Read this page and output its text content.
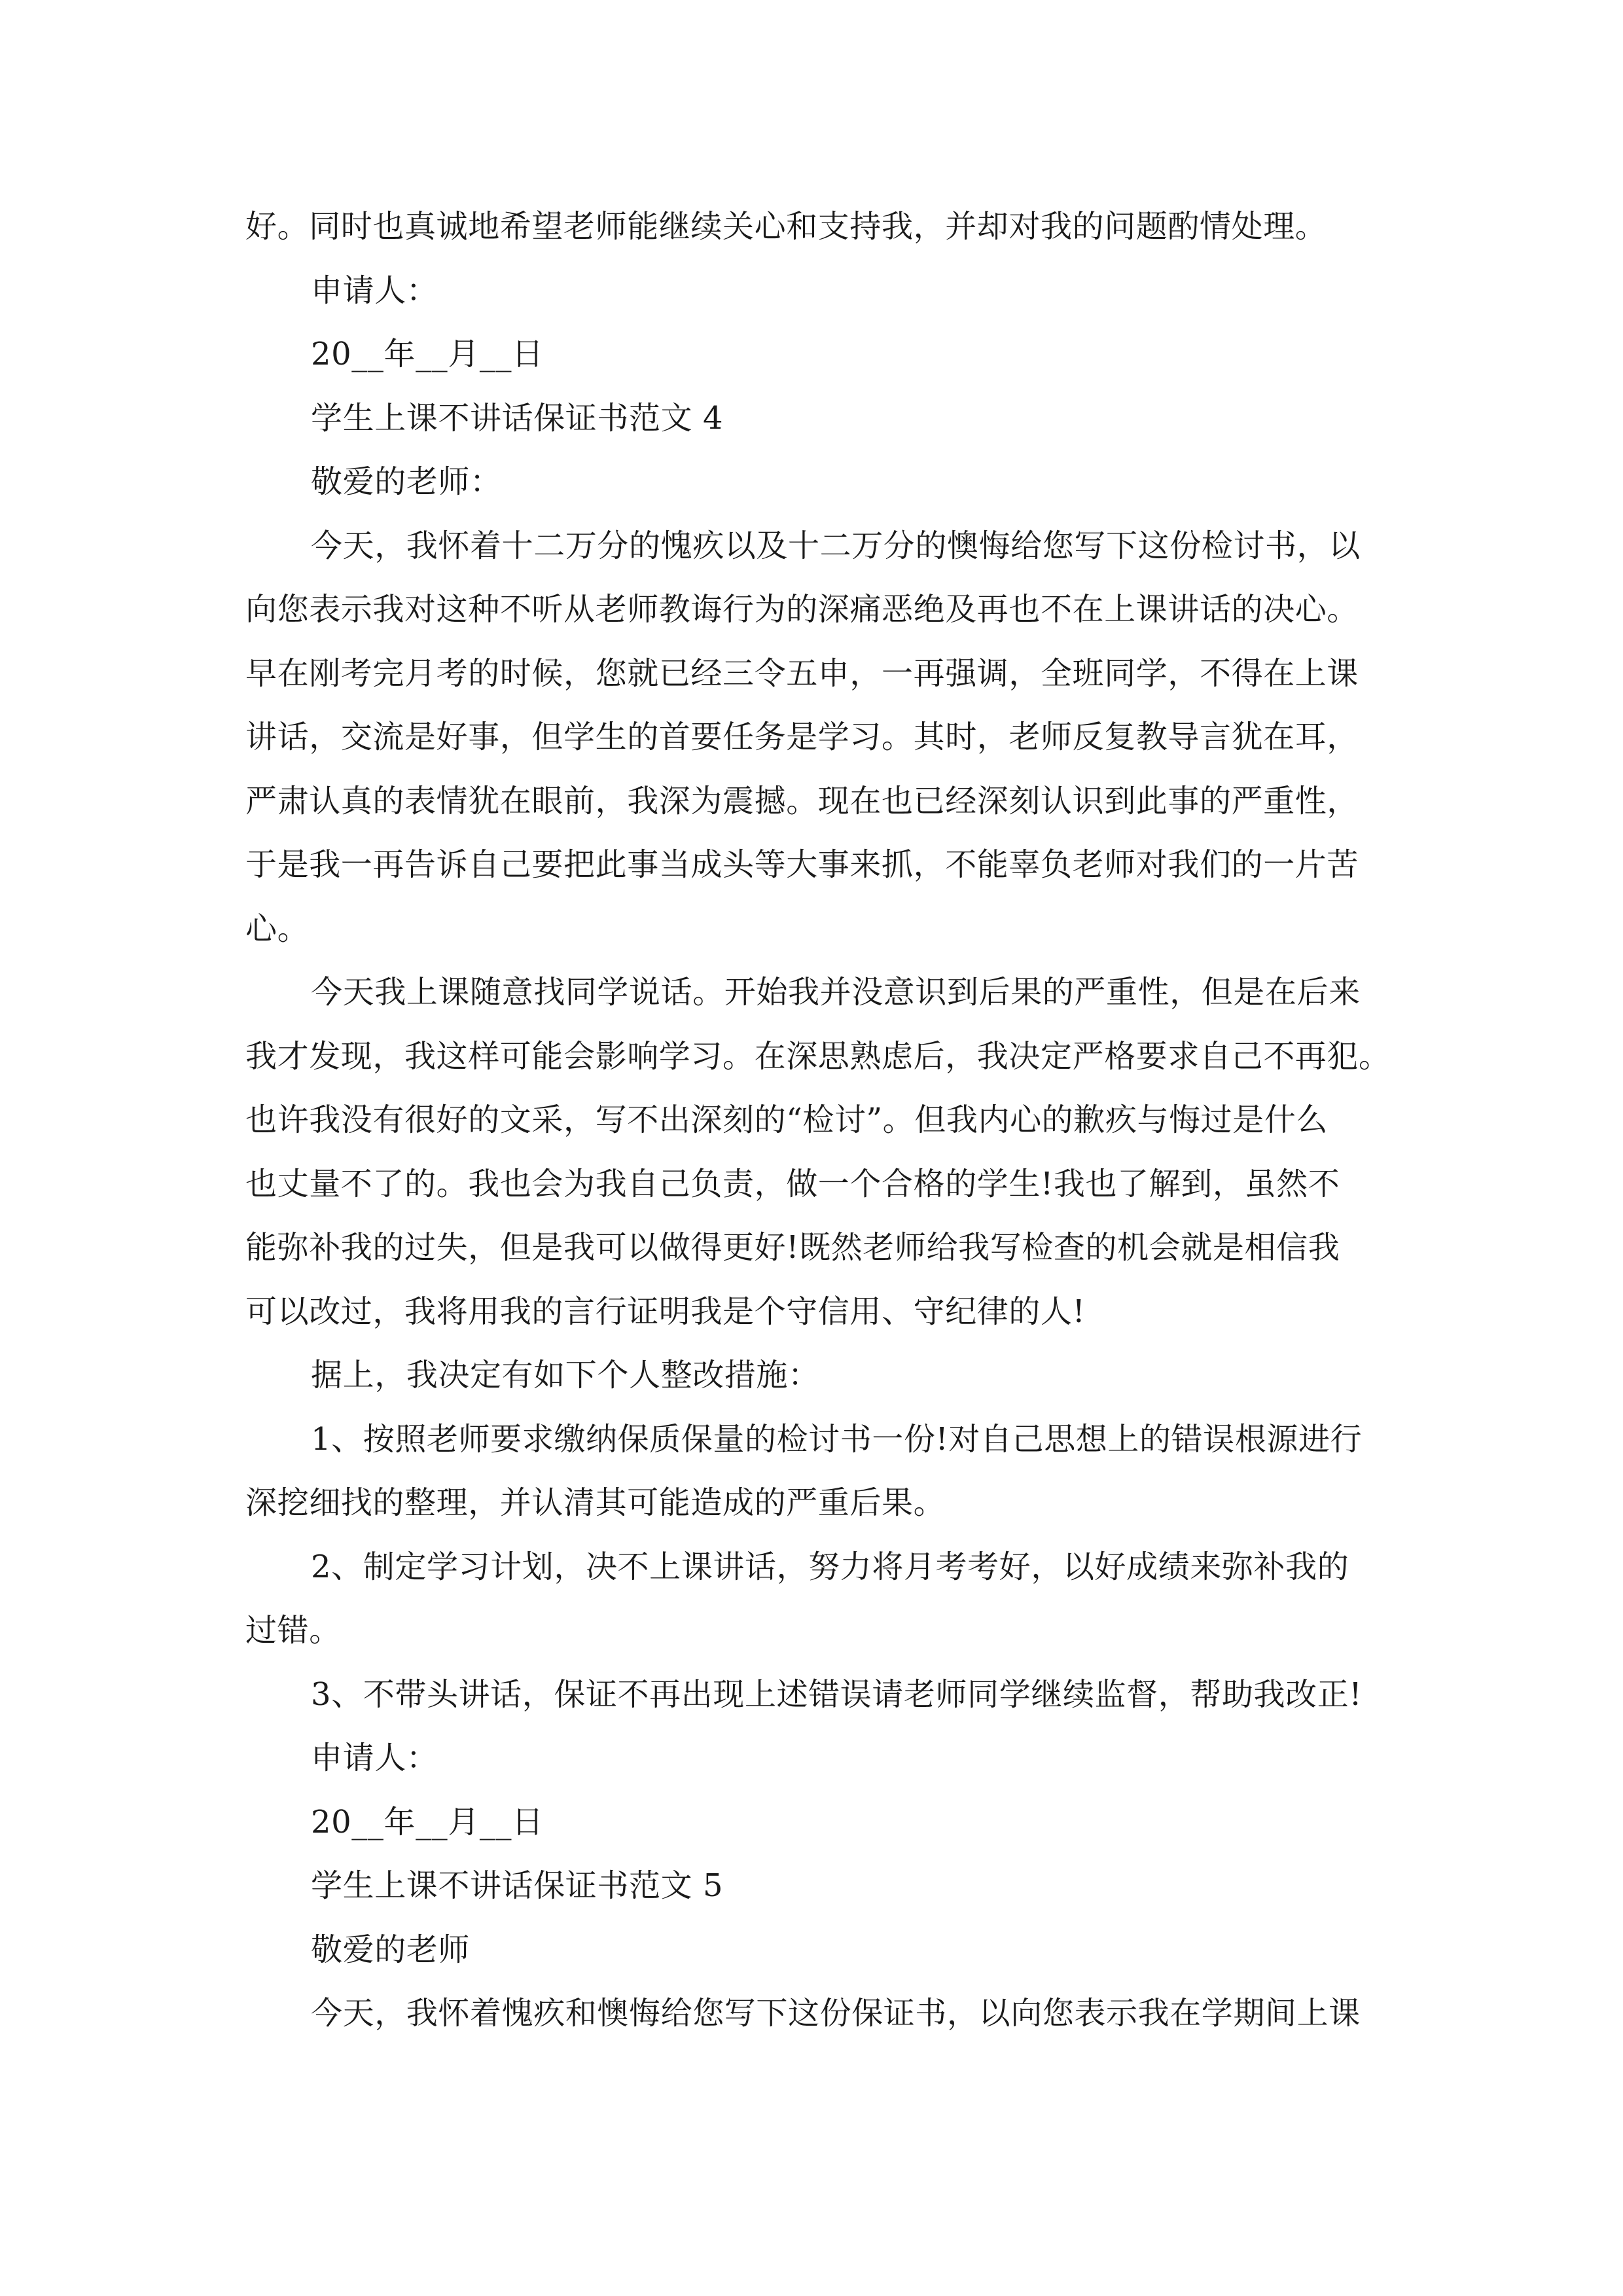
好。同时也真诚地希望老师能继续关心和支持我，并却对我的问题酌情处理。
申请人：
20__年__月__日
学生上课不讲话保证书范文 4
敬爱的老师：
今天，我怀着十二万分的愧疚以及十二万分的懊悔给您写下这份检讨书，以
向您表示我对这种不听从老师教诲行为的深痛恶绝及再也不在上课讲话的决心。
早在刚考完月考的时候，您就已经三令五申，一再强调，全班同学，不得在上课
讲话，交流是好事，但学生的首要任务是学习。其时，老师反复教导言犹在耳，
严肃认真的表情犹在眼前，我深为震撼。现在也已经深刻认识到此事的严重性，
于是我一再告诉自己要把此事当成头等大事来抓，不能辜负老师对我们的一片苦
心。
今天我上课随意找同学说话。开始我并没意识到后果的严重性，但是在后来
我才发现，我这样可能会影响学习。在深思熟虑后，我决定严格要求自己不再犯。
也许我没有很好的文采，写不出深刻的“检讨”。但我内心的歉疚与悔过是什么
也丈量不了的。我也会为我自己负责，做一个合格的学生!我也了解到，虽然不
能弥补我的过失，但是我可以做得更好!既然老师给我写检查的机会就是相信我
可以改过，我将用我的言行证明我是个守信用、守纪律的人!
据上，我决定有如下个人整改措施：
1、按照老师要求缴纳保质保量的检讨书一份!对自己思想上的错误根源进行
深挖细找的整理，并认清其可能造成的严重后果。
2、制定学习计划，决不上课讲话，努力将月考考好，以好成绩来弥补我的
过错。
3、不带头讲话，保证不再出现上述错误请老师同学继续监督，帮助我改正!
申请人：
20__年__月__日
学生上课不讲话保证书范文 5
敬爱的老师
今天，我怀着愧疚和懊悔给您写下这份保证书，以向您表示我在学期间上课
